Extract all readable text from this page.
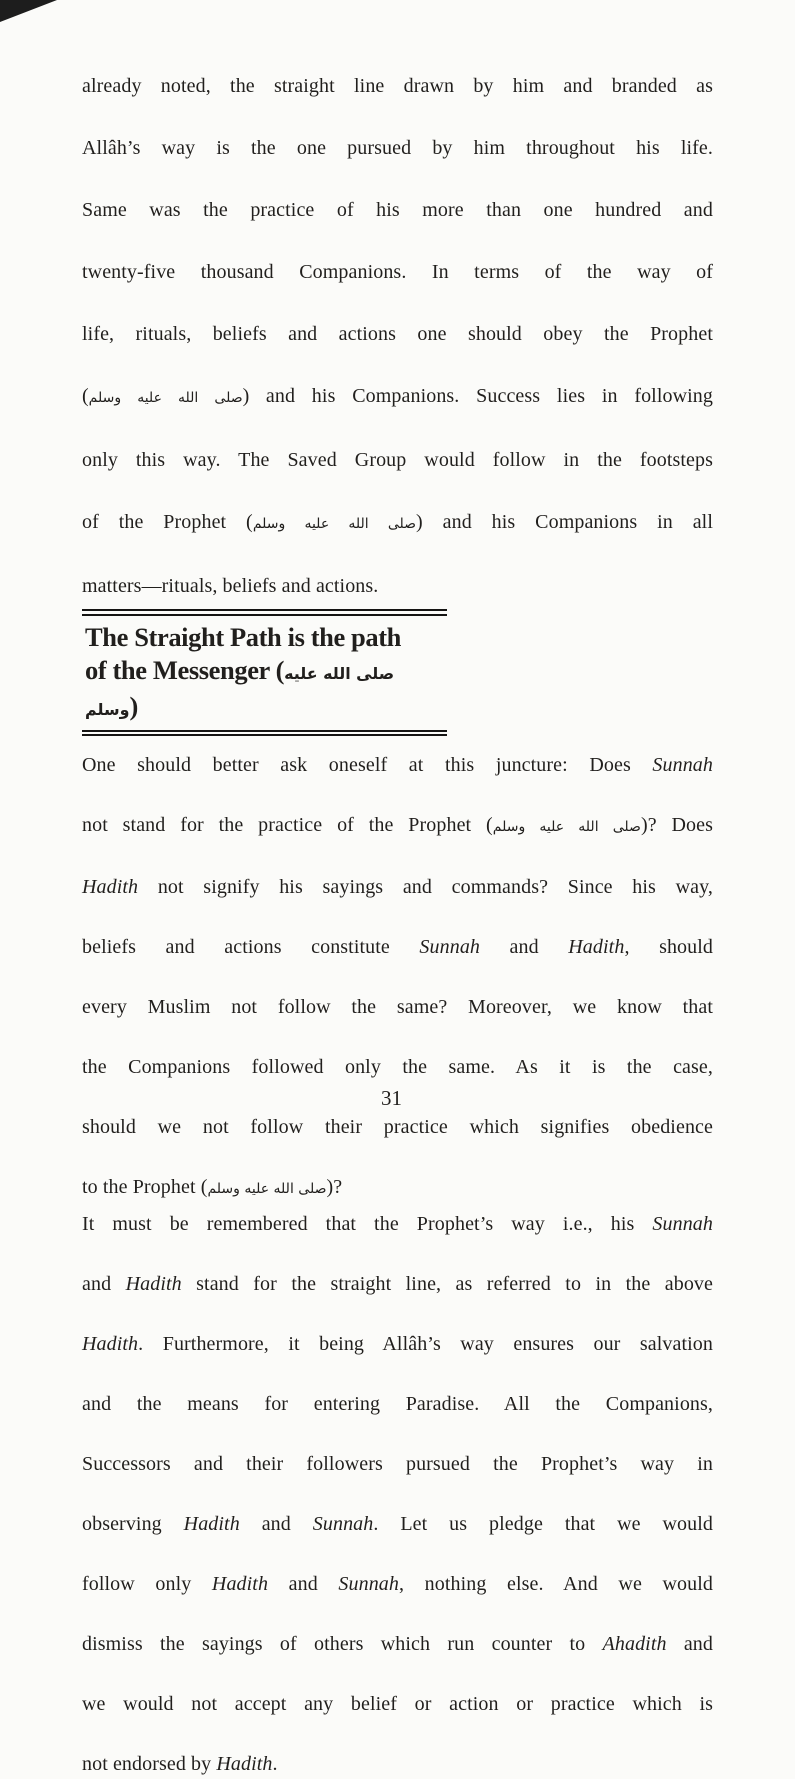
already noted, the straight line drawn by him and branded as
Allâh’s way is the one pursued by him throughout his life.
Same was the practice of his more than one hundred and
twenty-five thousand Companions. In terms of the way of
life, rituals, beliefs and actions one should obey the Prophet
(صلى الله عليه وسلم) and his Companions. Success lies in following
only this way. The Saved Group would follow in the footsteps
of the Prophet (صلى الله عليه وسلم) and his Companions in all
matters—rituals, beliefs and actions.
The Straight Path is the path
of the Messenger (صلى الله عليه وسلم)
One should better ask oneself at this juncture: Does Sunnah
not stand for the practice of the Prophet (صلى الله عليه وسلم)? Does
Hadith not signify his sayings and commands? Since his way,
beliefs and actions constitute Sunnah and Hadith, should
every Muslim not follow the same? Moreover, we know that
the Companions followed only the same. As it is the case,
should we not follow their practice which signifies obedience
to the Prophet (صلى الله عليه وسلم)?
It must be remembered that the Prophet’s way i.e., his Sunnah
and Hadith stand for the straight line, as referred to in the above
Hadith. Furthermore, it being Allâh’s way ensures our salvation
and the means for entering Paradise. All the Companions,
Successors and their followers pursued the Prophet’s way in
observing Hadith and Sunnah. Let us pledge that we would
follow only Hadith and Sunnah, nothing else. And we would
dismiss the sayings of others which run counter to Ahadith and
we would not accept any belief or action or practice which is
not endorsed by Hadith.
31
